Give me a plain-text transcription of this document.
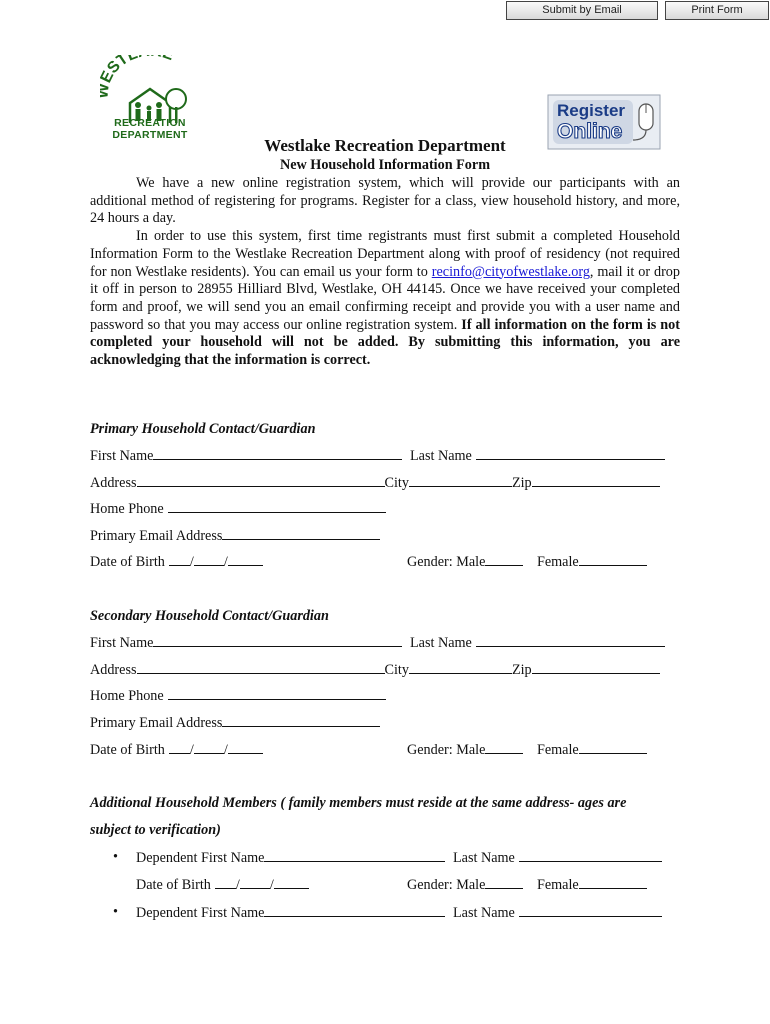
Submit by Email	Print Form
ST
RECREATION
DEPARTMENT
Register
Online
Westlake Recreation Department
New Household Information Form

We have a new online registration system, which will provide our participants with an additional method of registering for programs. Register for a class, view household history, and more, 24 hours a day.

In order to use this system, first time registrants must first submit a completed Household Information Form to the Westlake Recreation Department along with proof of residency (not required for non Westlake residents). You can email us your form to recinfo@cityofwestlake.org, mail it or drop it off in person to 28955 Hilliard Blvd, Westlake, OH 44145. Once we have received your completed form and proof, we will send you an email confirming receipt and provide you with a user name and password so that you may access our online registration system. If all information on the form is not completed your household will not be added. By submitting this information, you are acknowledging that the information is correct.

Primary Household Contact/Guardian
First Name	Last Name
Address	City	Zip
Home Phone
Primary Email Address
Date of Birth / /	Gender: Male	Female
Secondary Household Contact/Guardian
First Name	Last Name
Address	City	Zip
Home Phone
Primary Email Address
Date of Birth / /	Gender: Male	Female
Additional Household Members ( family members must reside at the same address- ages are
subject to verification)
• Dependent First Name	Last Name
Date of Birth / /	Gender: Male	Female
• Dependent First Name	Last Name
